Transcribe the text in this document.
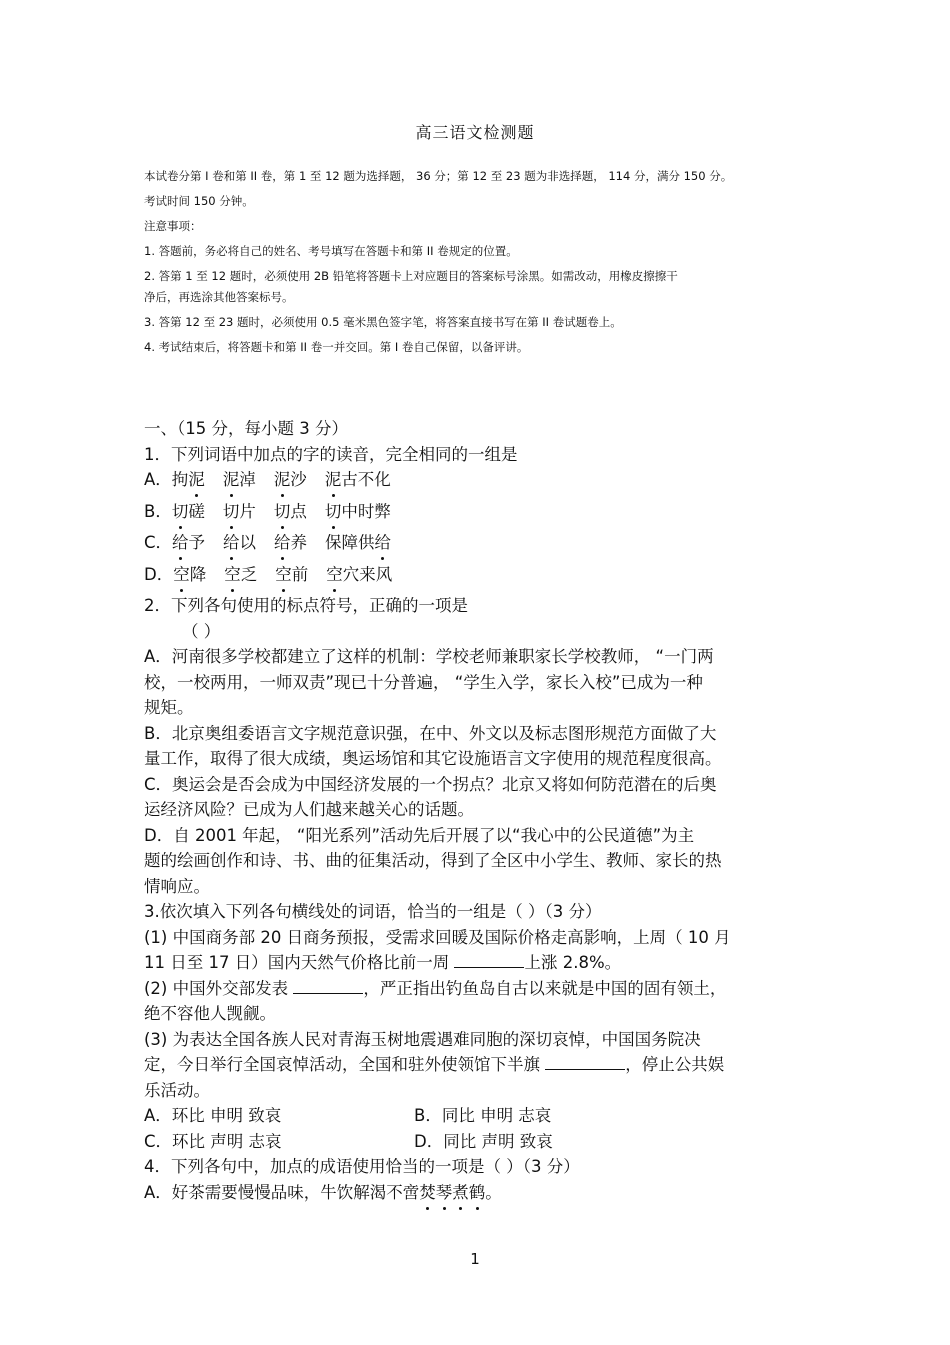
高三语文检测题
本试卷分第 I 卷和第 II 卷，第 1 至 12 题为选择题， 36 分；第 12 至 23 题为非选择题， 114 分，满分 150 分。
考试时间 150 分钟。
注意事项：
1. 答题前，务必将自己的姓名、考号填写在答题卡和第 II 卷规定的位置。
2. 答第 1 至 12 题时，必须使用 2B 铅笔将答题卡上对应题目的答案标号涂黑。如需改动，用橡皮擦擦干
净后，再选涂其他答案标号。
3. 答第 12 至 23 题时，必须使用 0.5 毫米黑色签字笔，将答案直接书写在第 II 卷试题卷上。
4. 考试结束后，将答题卡和第 II 卷一并交回。第 I 卷自己保留，以备评讲。
一、（15 分，每小题 3 分）
1．下列词语中加点的字的读音，完全相同的一组是
A．拘泥 泥淖 泥沙 泥古不化
B．切磋 切片 切点 切中时弊
C．给予 给以 给养 保障供给
D．空降 空乏 空前 空穴来风
2．下列各句使用的标点符号，正确的一项是
（ ）
A．河南很多学校都建立了这样的机制：学校老师兼职家长学校教师， “一门两
校，一校两用，一师双责”现已十分普遍， “学生入学，家长入校”已成为一种
规矩。
B．北京奥组委语言文字规范意识强，在中、外文以及标志图形规范方面做了大
量工作，取得了很大成绩，奥运场馆和其它设施语言文字使用的规范程度很高。
C．奥运会是否会成为中国经济发展的一个拐点？北京又将如何防范潜在的后奥
运经济风险？已成为人们越来越关心的话题。
D．自 2001 年起， “阳光系列”活动先后开展了以“我心中的公民道德”为主
题的绘画创作和诗、书、曲的征集活动，得到了全区中小学生、教师、家长的热
情响应。
3.依次填入下列各句横线处的词语，恰当的一组是（ ）（3 分）
(1) 中国商务部 20 日商务预报，受需求回暖及国际价格走高影响，上周（ 10 月
11 日至 17 日）国内天然气价格比前一周	上涨 2.8%。
(2) 中国外交部发表	，严正指出钓鱼岛自古以来就是中国的固有领土，
绝不容他人觊觎。
(3) 为表达全国各族人民对青海玉树地震遇难同胞的深切哀悼，中国国务院决
定，今日举行全国哀悼活动，全国和驻外使领馆下半旗	，停止公共娱
乐活动。
A．环比 申明 致哀	B．同比 申明 志哀
C．环比 声明 志哀	D．同比 声明 致哀
4．下列各句中，加点的成语使用恰当的一项是（ ）（3 分）
A．好茶需要慢慢品味，牛饮解渴不啻焚琴煮鹤。
1
